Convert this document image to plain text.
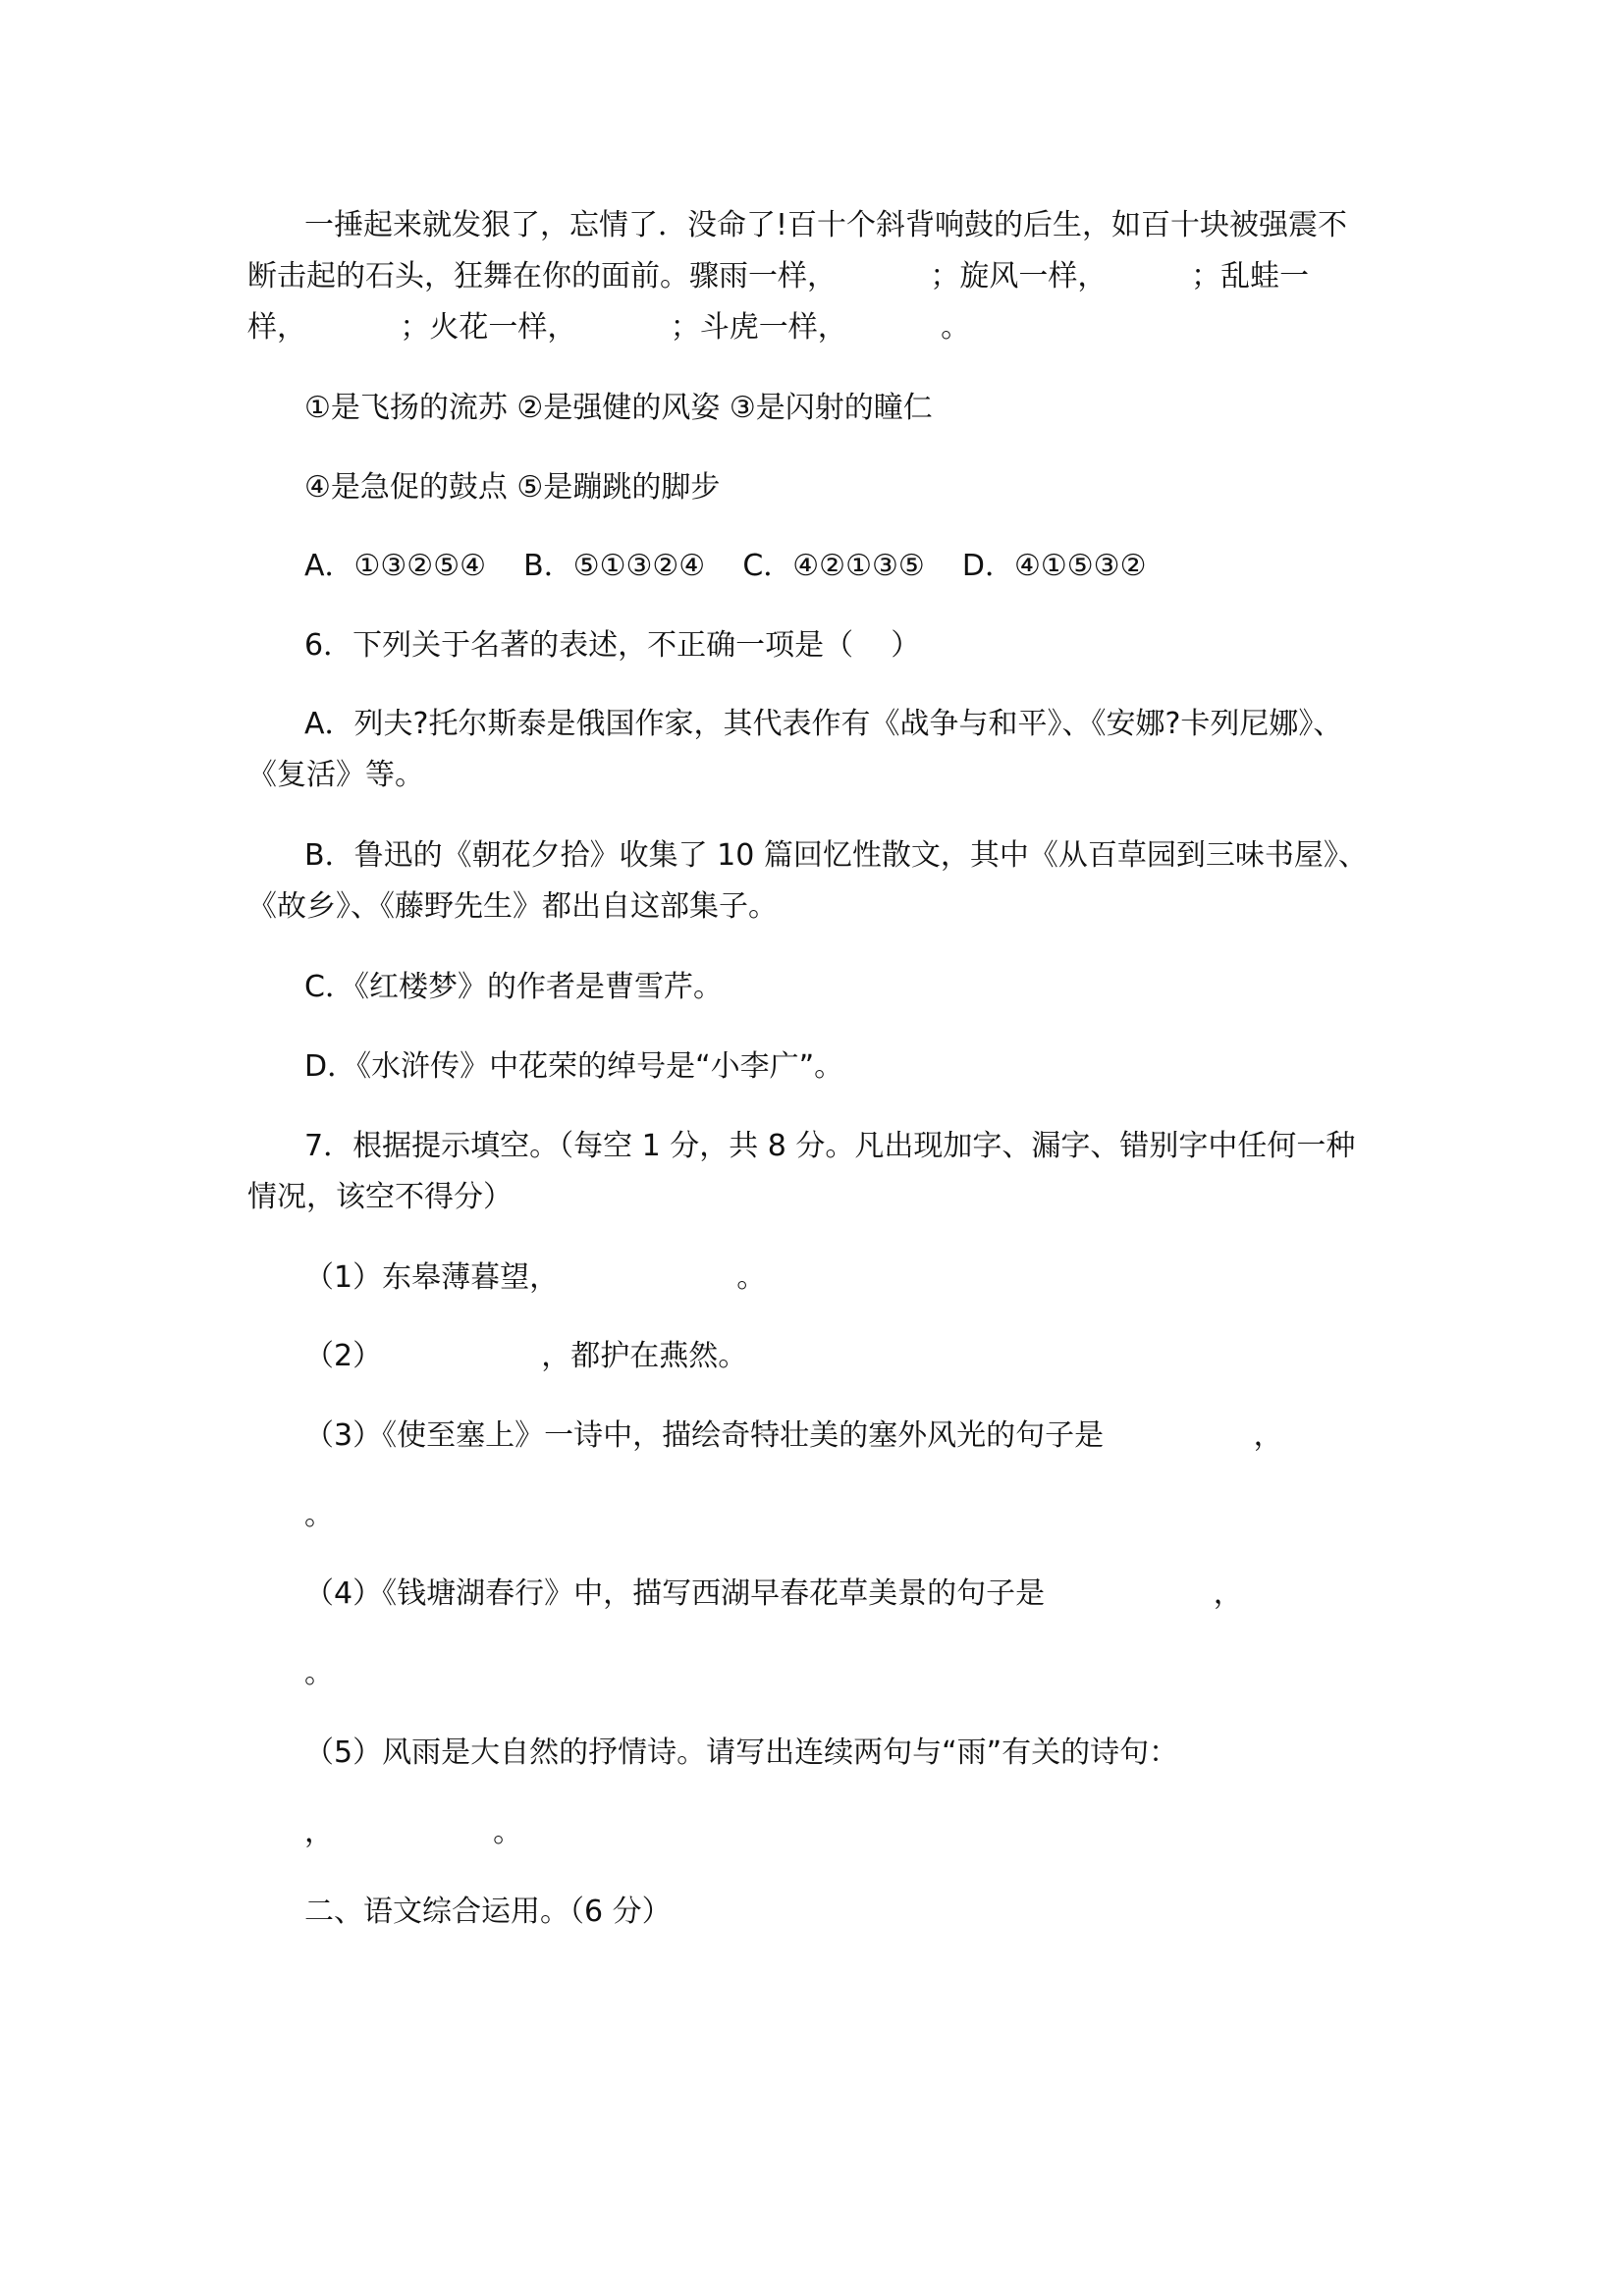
一捶起来就发狠了，忘情了．没命了!百十个斜背响鼓的后生，如百十块被强震不
断击起的石头，狂舞在你的面前。骤雨一样，          ；旋风一样，         ；乱蛙一
样，          ；火花一样，          ；斗虎一样，          。
①是飞扬的流苏 ②是强健的风姿 ③是闪射的瞳仁
④是急促的鼓点 ⑤是蹦跳的脚步
A．①③②⑤④    B．⑤①③②④    C．④②①③⑤    D．④①⑤③②
6．下列关于名著的表述，不正确一项是（    ）
A．列夫?托尔斯泰是俄国作家，其代表作有《战争与和平》、《安娜?卡列尼娜》、
《复活》等。
B．鲁迅的《朝花夕拾》收集了 10 篇回忆性散文，其中《从百草园到三味书屋》、
《故乡》、《藤野先生》都出自这部集子。
C．《红楼梦》的作者是曹雪芹。
D．《水浒传》中花荣的绰号是“小李广”。
7．根据提示填空。（每空 1 分，共 8 分。凡出现加字、漏字、错别字中任何一种
情况，该空不得分）
（1）东皋薄暮望，                   。
（2）                 ，都护在燕然。
（3）《使至塞上》一诗中，描绘奇特壮美的塞外风光的句子是                ，
。
（4）《钱塘湖春行》中，描写西湖早春花草美景的句子是                  ，
。
（5）风雨是大自然的抒情诗。请写出连续两句与“雨”有关的诗句：
，                 。
二、语文综合运用。（6 分）
